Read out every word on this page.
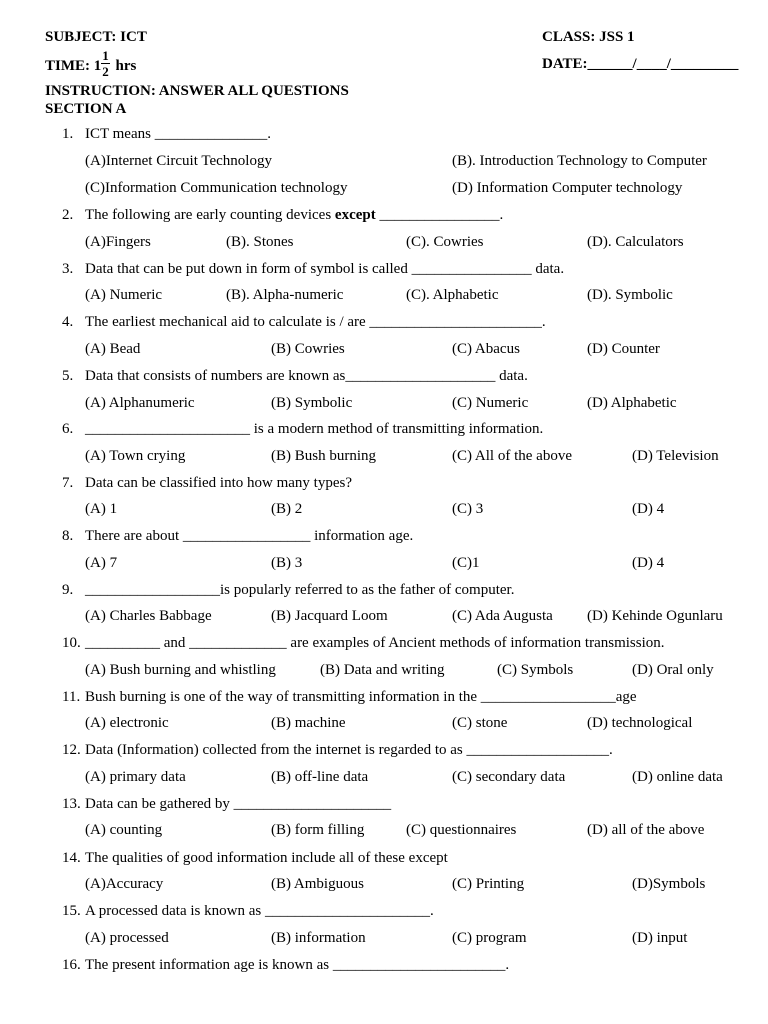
SUBJECT: ICT	CLASS: JSS 1
TIME: $1 \frac{1}{2}$ hrs	DATE:______/____/_________
INSTRUCTION: ANSWER ALL QUESTIONS
SECTION A
1. ICT means _______________.
(A)Internet Circuit Technology	(B). Introduction Technology to Computer
(C)Information Communication technology	(D) Information Computer technology
2. The following are early counting devices except ________________.
(A)Fingers	(B). Stones	(C). Cowries	(D). Calculators
3. Data that can be put down in form of symbol is called ________________ data.
(A) Numeric	(B). Alpha-numeric	(C). Alphabetic	(D). Symbolic
4. The earliest mechanical aid to calculate is / are _______________________.
(A) Bead	(B) Cowries	(C) Abacus	(D) Counter
5. Data that consists of numbers are known as____________________ data.
(A) Alphanumeric	(B) Symbolic	(C) Numeric	(D) Alphabetic
6. ______________________ is a modern method of transmitting information.
(A) Town crying	(B) Bush burning	(C) All of the above	(D) Television
7. Data can be classified into how many types?
(A) 1	(B) 2	(C) 3	(D) 4
8. There are about _________________ information age.
(A) 7	(B) 3	(C)1	(D) 4
9. __________________is popularly referred to as the father of computer.
(A) Charles Babbage	(B) Jacquard Loom	(C) Ada Augusta (D) Kehinde Ogunlaru
10. __________ and _____________ are examples of Ancient methods of information transmission.
(A) Bush burning and whistling	(B) Data and writing	(C) Symbols	(D) Oral only
11. Bush burning is one of the way of transmitting information in the __________________age
(A) electronic	(B) machine	(C) stone	(D) technological
12. Data (Information) collected from the internet is regarded to as ___________________.
(A) primary data	(B) off-line data	(C) secondary data	(D) online data
13. Data can be gathered by _____________________
(A) counting	(B) form filling	(C) questionnaires	(D) all of the above
14. The qualities of good information include all of these except
(A)Accuracy	(B) Ambiguous	(C) Printing	(D)Symbols
15. A processed data is known as ______________________.
(A) processed	(B) information	(C) program	(D) input
16. The present information age is known as _______________________.
